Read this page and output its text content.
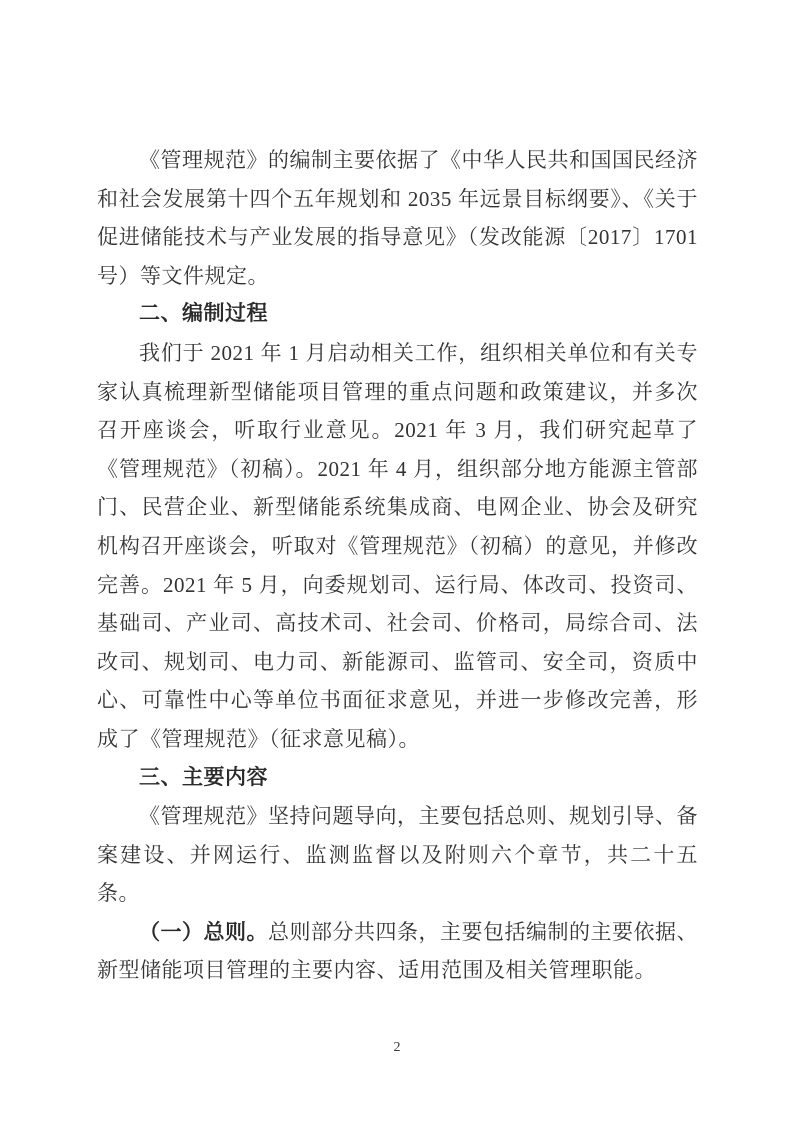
《管理规范》的编制主要依据了《中华人民共和国国民经济和社会发展第十四个五年规划和 2035 年远景目标纲要》、《关于促进储能技术与产业发展的指导意见》（发改能源〔2017〕1701 号）等文件规定。

二、编制过程

我们于 2021 年 1 月启动相关工作，组织相关单位和有关专家认真梳理新型储能项目管理的重点问题和政策建议，并多次召开座谈会，听取行业意见。2021 年 3 月，我们研究起草了《管理规范》（初稿）。2021 年 4 月，组织部分地方能源主管部门、民营企业、新型储能系统集成商、电网企业、协会及研究机构召开座谈会，听取对《管理规范》（初稿）的意见，并修改完善。2021 年 5 月，向委规划司、运行局、体改司、投资司、基础司、产业司、高技术司、社会司、价格司，局综合司、法改司、规划司、电力司、新能源司、监管司、安全司，资质中心、可靠性中心等单位书面征求意见，并进一步修改完善，形成了《管理规范》（征求意见稿）。

三、主要内容

《管理规范》坚持问题导向，主要包括总则、规划引导、备案建设、并网运行、监测监督以及附则六个章节，共二十五条。

（一）总则。总则部分共四条，主要包括编制的主要依据、新型储能项目管理的主要内容、适用范围及相关管理职能。

2
